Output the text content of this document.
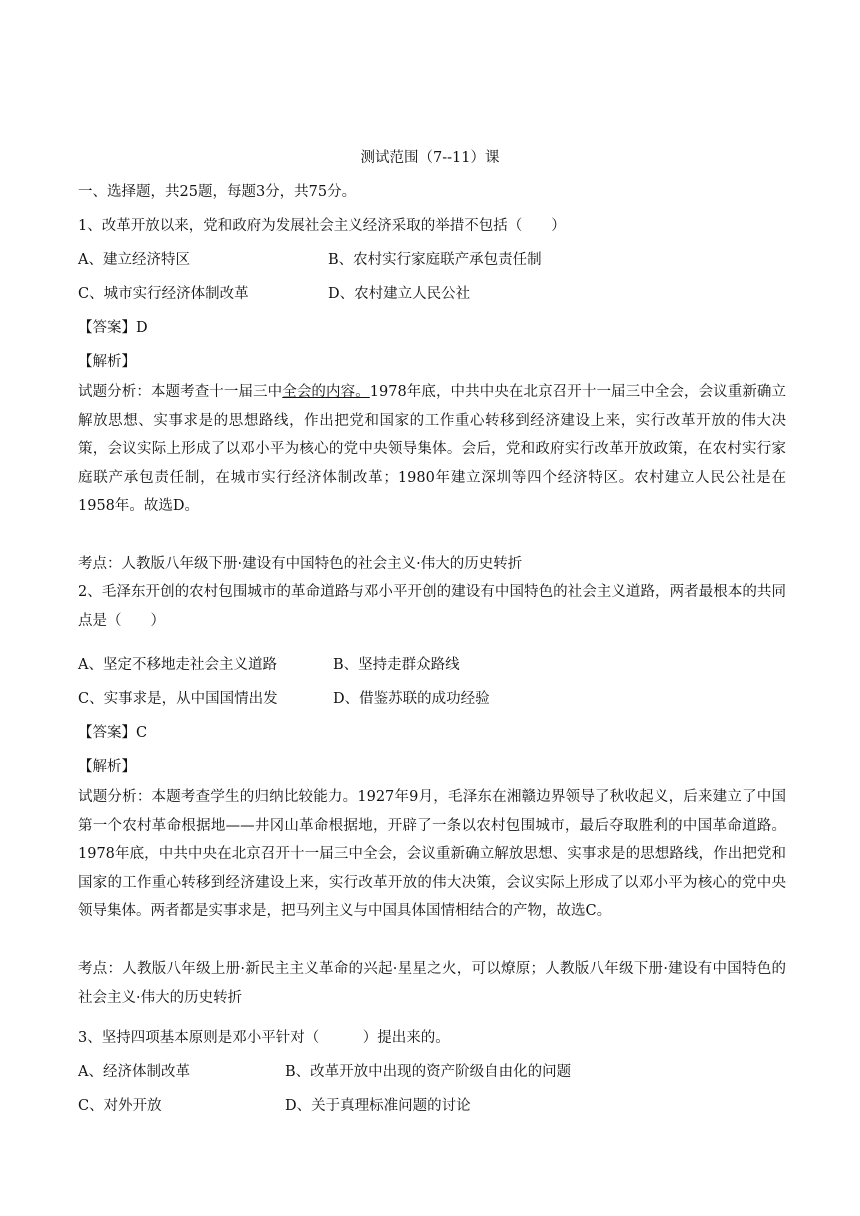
测试范围（7--11）课
一、选择题，共25题，每题3分，共75分。
1、改革开放以来，党和政府为发展社会主义经济采取的举措不包括（　　）
A、建立经济特区	B、农村实行家庭联产承包责任制
C、城市实行经济体制改革	D、农村建立人民公社
【答案】D
【解析】
试题分析：本题考查十一届三中全会的内容。1978年底，中共中央在北京召开十一届三中全会，会议重新确立解放思想、实事求是的思想路线，作出把党和国家的工作重心转移到经济建设上来，实行改革开放的伟大决策，会议实际上形成了以邓小平为核心的党中央领导集体。会后，党和政府实行改革开放政策，在农村实行家庭联产承包责任制，在城市实行经济体制改革；1980年建立深圳等四个经济特区。农村建立人民公社是在1958年。故选D。
考点：人教版八年级下册·建设有中国特色的社会主义·伟大的历史转折
2、毛泽东开创的农村包围城市的革命道路与邓小平开创的建设有中国特色的社会主义道路，两者最根本的共同点是（　　）
A、坚定不移地走社会主义道路	B、坚持走群众路线
C、实事求是，从中国国情出发	D、借鉴苏联的成功经验
【答案】C
【解析】
试题分析：本题考查学生的归纳比较能力。1927年9月，毛泽东在湘赣边界领导了秋收起义，后来建立了中国第一个农村革命根据地——井冈山革命根据地，开辟了一条以农村包围城市，最后夺取胜利的中国革命道路。1978年底，中共中央在北京召开十一届三中全会，会议重新确立解放思想、实事求是的思想路线，作出把党和国家的工作重心转移到经济建设上来，实行改革开放的伟大决策，会议实际上形成了以邓小平为核心的党中央领导集体。两者都是实事求是，把马列主义与中国具体国情相结合的产物，故选C。
考点：人教版八年级上册·新民主主义革命的兴起·星星之火，可以燎原；人教版八年级下册·建设有中国特色的社会主义·伟大的历史转折
3、坚持四项基本原则是邓小平针对（　　　）提出来的。
A、经济体制改革	B、改革开放中出现的资产阶级自由化的问题
C、对外开放	D、关于真理标准问题的讨论
